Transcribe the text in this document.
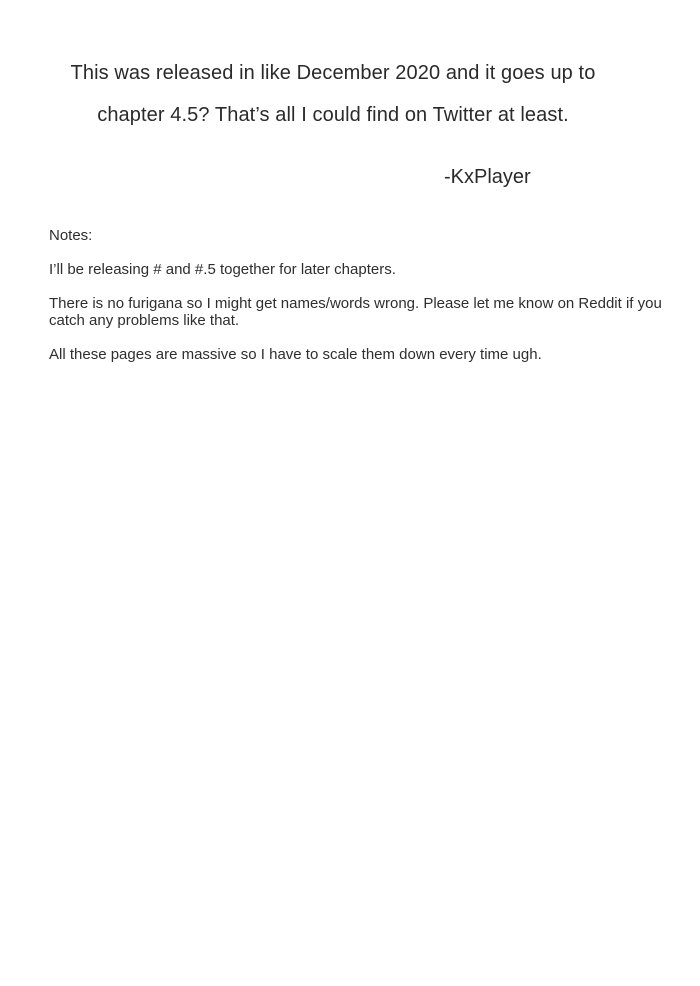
This was released in like December 2020 and it goes up to

chapter 4.5? That’s all I could find on Twitter at least.

-KxPlayer

Notes:

I’ll be releasing # and #.5 together for later chapters.

There is no furigana so I might get names/words wrong. Please let me know on Reddit if you catch any problems like that.

All these pages are massive so I have to scale them down every time ugh.
